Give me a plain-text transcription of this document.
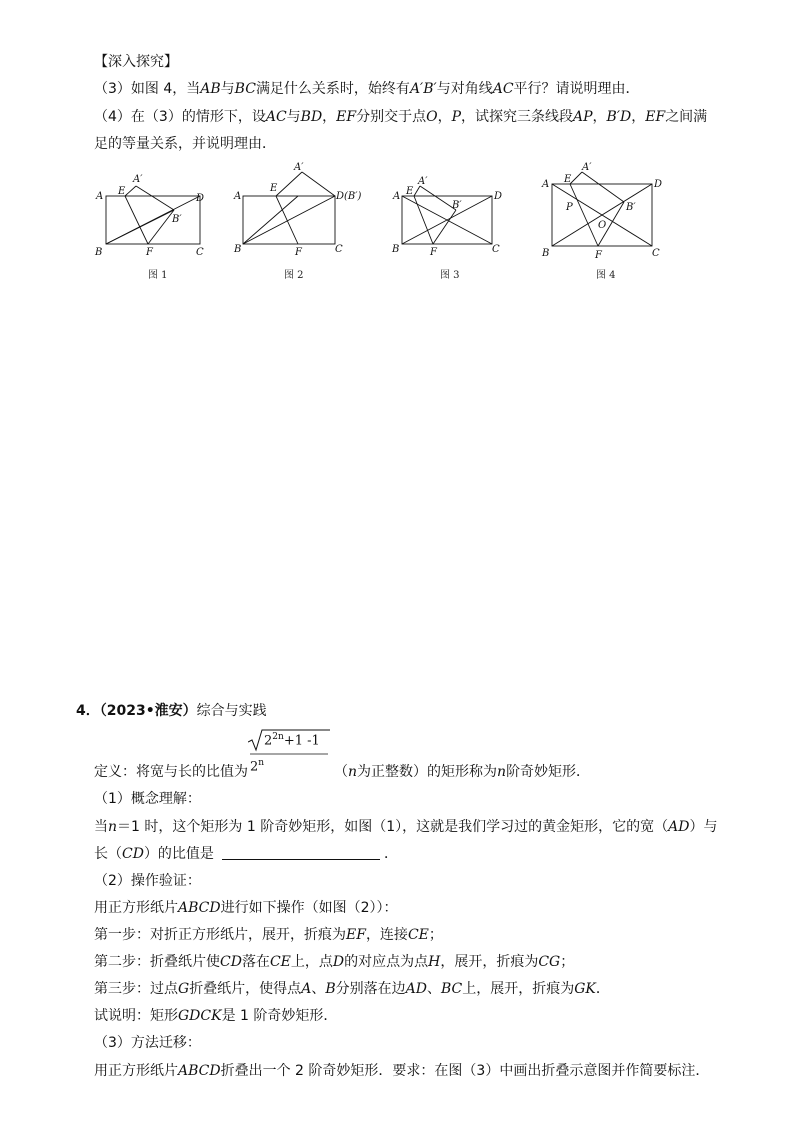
【深入探究】
（3）如图 4，当AB与BC满足什么关系时，始终有A′B′与对角线AC平行？请说明理由．
（4）在（3）的情形下，设AC与BD，EF分别交于点O，P，试探究三条线段AP，B′D，EF之间满
足的等量关系，并说明理由．
A
B	C
D
E
F
A′
B′
图 1
A
B	C
D(B′)
E
F
A′
图 2
A
B	C
D
E
F
A′
B′
图 3
A
B	C
D
E
F
A′
B′
P
O
图 4
4．（2023•淮安）综合与实践
$2^{2n}+1$ -1
2$^n$
定义：将宽与长的比值为	（n为正整数）的矩形称为n阶奇妙矩形．
（1）概念理解：
当n＝1 时，这个矩形为 1 阶奇妙矩形，如图（1），这就是我们学习过的黄金矩形，它的宽（AD）与
长（CD）的比值是	．
（2）操作验证：
用正方形纸片ABCD进行如下操作（如图（2））：
第一步：对折正方形纸片，展开，折痕为EF，连接CE；
第二步：折叠纸片使CD落在CE上，点D的对应点为点H，展开，折痕为CG；
第三步：过点G折叠纸片，使得点A、B分别落在边AD、BC上，展开，折痕为GK．
试说明：矩形GDCK是 1 阶奇妙矩形．
（3）方法迁移：
用正方形纸片ABCD折叠出一个 2 阶奇妙矩形．要求：在图（3）中画出折叠示意图并作简要标注．
